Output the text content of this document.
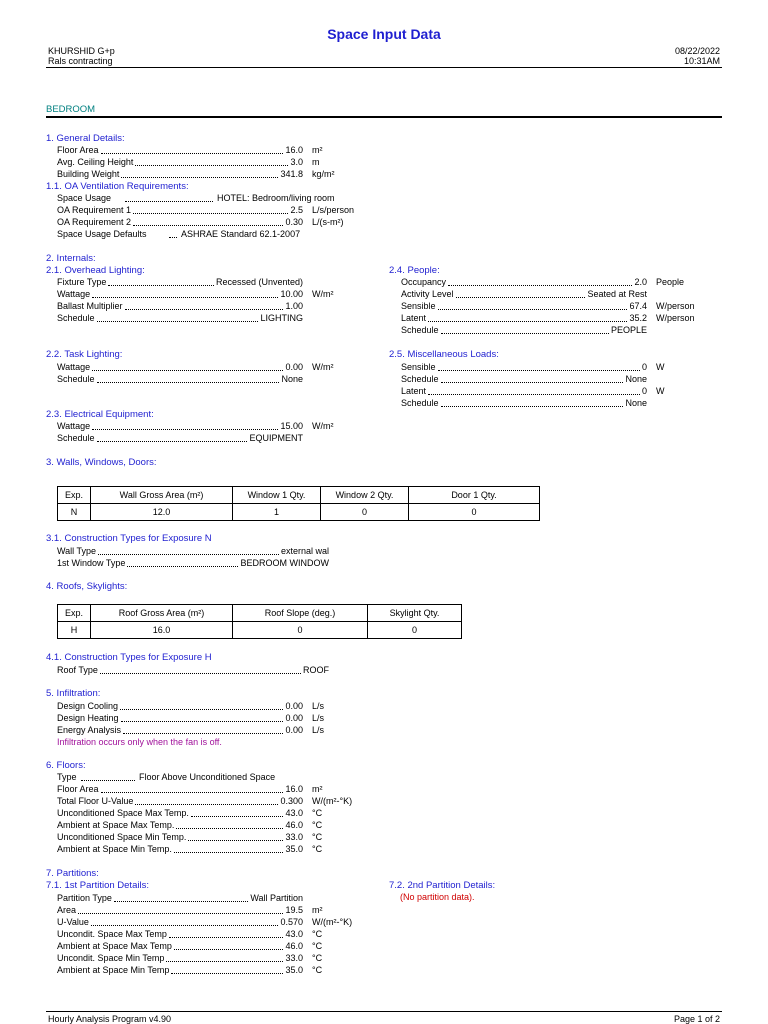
Space Input Data
KHURSHID G+p
Rals contracting
08/22/2022
10:31AM
BEDROOM
1. General Details:
Floor Area	16.0 m²
Avg. Ceiling Height	3.0 m
Building Weight	341.8 kg/m²
1.1. OA Ventilation Requirements:
Space Usage	HOTEL: Bedroom/living room
OA Requirement 1	2.5 L/s/person
OA Requirement 2	0.30 L/(s-m²)
Space Usage Defaults	ASHRAE Standard 62.1-2007
2. Internals:
2.1. Overhead Lighting:
Fixture Type	Recessed (Unvented)
Wattage	10.00 W/m²
Ballast Multiplier	1.00
Schedule	LIGHTING
2.4. People:
Occupancy	2.0 People
Activity Level	Seated at Rest
Sensible	67.4 W/person
Latent	35.2 W/person
Schedule	PEOPLE
2.2. Task Lighting:
Wattage	0.00 W/m²
Schedule	None
2.5. Miscellaneous Loads:
Sensible	0 W
Schedule	None
Latent	0 W
Schedule	None
2.3. Electrical Equipment:
Wattage	15.00 W/m²
Schedule	EQUIPMENT
3. Walls, Windows, Doors:
Exp.	Wall Gross Area (m²)	Window 1 Qty.	Window 2 Qty.	Door 1 Qty.
N	12.0	1	0	0
3.1. Construction Types for Exposure N
Wall Type	external wal
1st Window Type	BEDROOM WINDOW
4. Roofs, Skylights:
Exp.	Roof Gross Area (m²)	Roof Slope (deg.)	Skylight Qty.
H	16.0	0	0
4.1. Construction Types for Exposure H
Roof Type	ROOF
5. Infiltration:
Design Cooling	0.00 L/s
Design Heating	0.00 L/s
Energy Analysis	0.00 L/s
Infiltration occurs only when the fan is off.
6. Floors:
Type	Floor Above Unconditioned Space
Floor Area	16.0 m²
Total Floor U-Value	0.300 W/(m²-°K)
Unconditioned Space Max Temp.	43.0 °C
Ambient at Space Max Temp.	46.0 °C
Unconditioned Space Min Temp.	33.0 °C
Ambient at Space Min Temp.	35.0 °C
7. Partitions:
7.1. 1st Partition Details:
Partition Type	Wall Partition
Area	19.5 m²
U-Value	0.570 W/(m²-°K)
Uncondit. Space Max Temp	43.0 °C
Ambient at Space Max Temp	46.0 °C
Uncondit. Space Min Temp	33.0 °C
Ambient at Space Min Temp	35.0 °C
7.2. 2nd Partition Details:
(No partition data).
Hourly Analysis Program v4.90	Page 1 of 2
